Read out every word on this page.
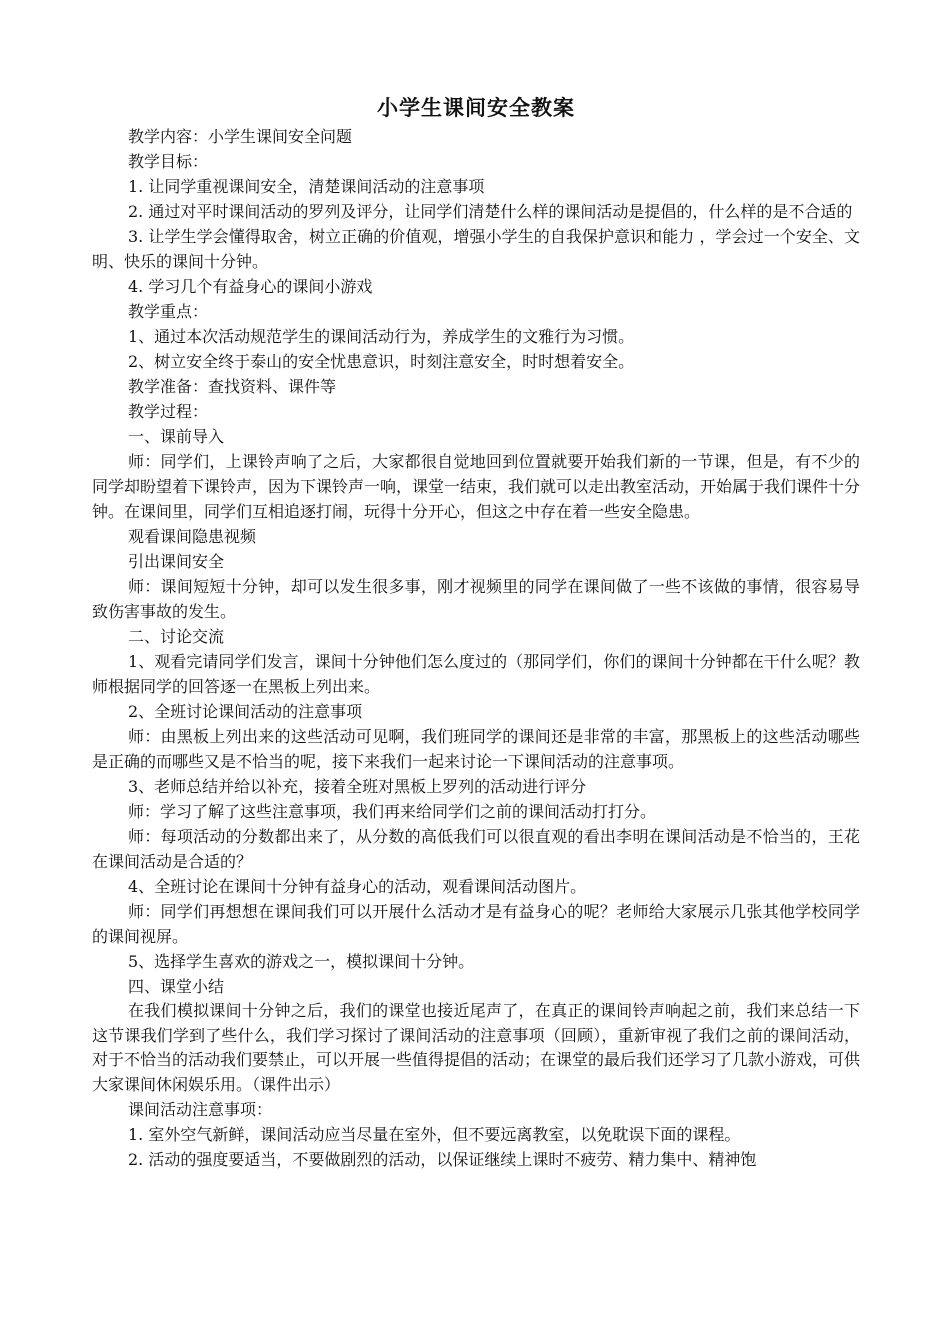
小学生课间安全教案

教学内容：小学生课间安全问题

教学目标：

1. 让同学重视课间安全，清楚课间活动的注意事项

2. 通过对平时课间活动的罗列及评分，让同学们清楚什么样的课间活动是提倡的，什么样的是不合适的

3. 让学生学会懂得取舍，树立正确的价值观，增强小学生的自我保护意识和能力 ，学会过一个安全、文明、快乐的课间十分钟。

4. 学习几个有益身心的课间小游戏

教学重点：

1、通过本次活动规范学生的课间活动行为，养成学生的文雅行为习惯。

2、树立安全终于泰山的安全忧患意识，时刻注意安全，时时想着安全。

教学准备：查找资料、课件等

教学过程：

一、课前导入

师：同学们，上课铃声响了之后，大家都很自觉地回到位置就要开始我们新的一节课，但是，有不少的同学却盼望着下课铃声，因为下课铃声一响，课堂一结束，我们就可以走出教室活动，开始属于我们课件十分钟。在课间里，同学们互相追逐打闹，玩得十分开心，但这之中存在着一些安全隐患。

观看课间隐患视频

引出课间安全

师：课间短短十分钟，却可以发生很多事，刚才视频里的同学在课间做了一些不该做的事情，很容易导致伤害事故的发生。

二、讨论交流

1、观看完请同学们发言，课间十分钟他们怎么度过的（那同学们，你们的课间十分钟都在干什么呢？教师根据同学的回答逐一在黑板上列出来。

2、全班讨论课间活动的注意事项

师：由黑板上列出来的这些活动可见啊，我们班同学的课间还是非常的丰富，那黑板上的这些活动哪些是正确的而哪些又是不恰当的呢，接下来我们一起来讨论一下课间活动的注意事项。

3、老师总结并给以补充，接着全班对黑板上罗列的活动进行评分

师：学习了解了这些注意事项，我们再来给同学们之前的课间活动打打分。

师：每项活动的分数都出来了，从分数的高低我们可以很直观的看出李明在课间活动是不恰当的，王花在课间活动是合适的？

4、全班讨论在课间十分钟有益身心的活动，观看课间活动图片。

师：同学们再想想在课间我们可以开展什么活动才是有益身心的呢？老师给大家展示几张其他学校同学的课间视屏。

5、选择学生喜欢的游戏之一，模拟课间十分钟。

四、课堂小结

在我们模拟课间十分钟之后，我们的课堂也接近尾声了，在真正的课间铃声响起之前，我们来总结一下这节课我们学到了些什么，我们学习探讨了课间活动的注意事项（回顾），重新审视了我们之前的课间活动，对于不恰当的活动我们要禁止，可以开展一些值得提倡的活动；在课堂的最后我们还学习了几款小游戏，可供大家课间休闲娱乐用。（课件出示）

课间活动注意事项：

1. 室外空气新鲜，课间活动应当尽量在室外，但不要远离教室，以免耽误下面的课程。

2. 活动的强度要适当，不要做剧烈的活动，以保证继续上课时不疲劳、精力集中、精神饱
